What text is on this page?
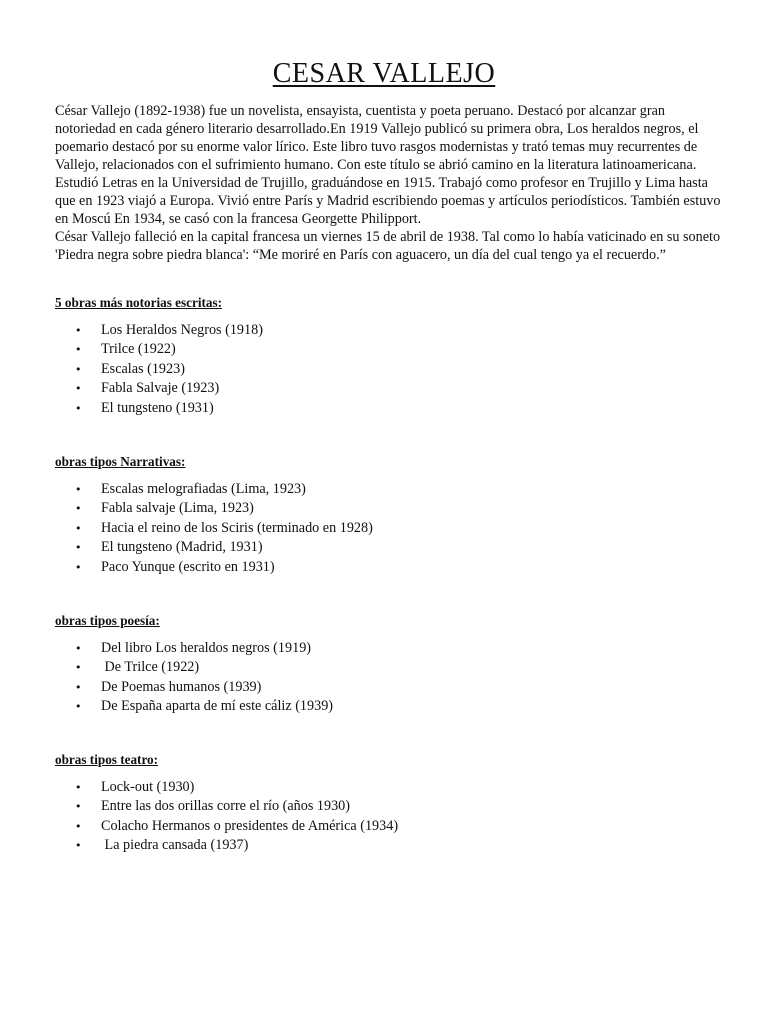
CESAR VALLEJO

César Vallejo (1892-1938) fue un novelista, ensayista, cuentista y poeta peruano. Destacó por alcanzar gran notoriedad en cada género literario desarrollado.En 1919 Vallejo publicó su primera obra, Los heraldos negros, el poemario destacó por su enorme valor lírico. Este libro tuvo rasgos modernistas y trató temas muy recurrentes de Vallejo, relacionados con el sufrimiento humano. Con este título se abrió camino en la literatura latinoamericana. Estudió Letras en la Universidad de Trujillo, graduándose en 1915. Trabajó como profesor en Trujillo y Lima hasta que en 1923 viajó a Europa. Vivió entre París y Madrid escribiendo poemas y artículos periodísticos. También estuvo en Moscú En 1934, se casó con la francesa Georgette Philipport.

César Vallejo falleció en la capital francesa un viernes 15 de abril de 1938. Tal como lo había vaticinado en su soneto 'Piedra negra sobre piedra blanca': “Me moriré en París con aguacero, un día del cual tengo ya el recuerdo.”

5 obras más notorias escritas:
• Los Heraldos Negros (1918)
• Trilce (1922)
• Escalas (1923)
• Fabla Salvaje (1923)
• El tungsteno (1931)
obras tipos Narrativas:
• Escalas melografiadas (Lima, 1923)
• Fabla salvaje (Lima, 1923)
• Hacia el reino de los Sciris (terminado en 1928)
• El tungsteno (Madrid, 1931)
• Paco Yunque (escrito en 1931)
obras tipos poesía:
• Del libro Los heraldos negros (1919)
• De Trilce (1922)
• De Poemas humanos (1939)
• De España aparta de mí este cáliz (1939)
obras tipos teatro:
• Lock-out (1930)
• Entre las dos orillas corre el río (años 1930)
• Colacho Hermanos o presidentes de América (1934)
• La piedra cansada (1937)
